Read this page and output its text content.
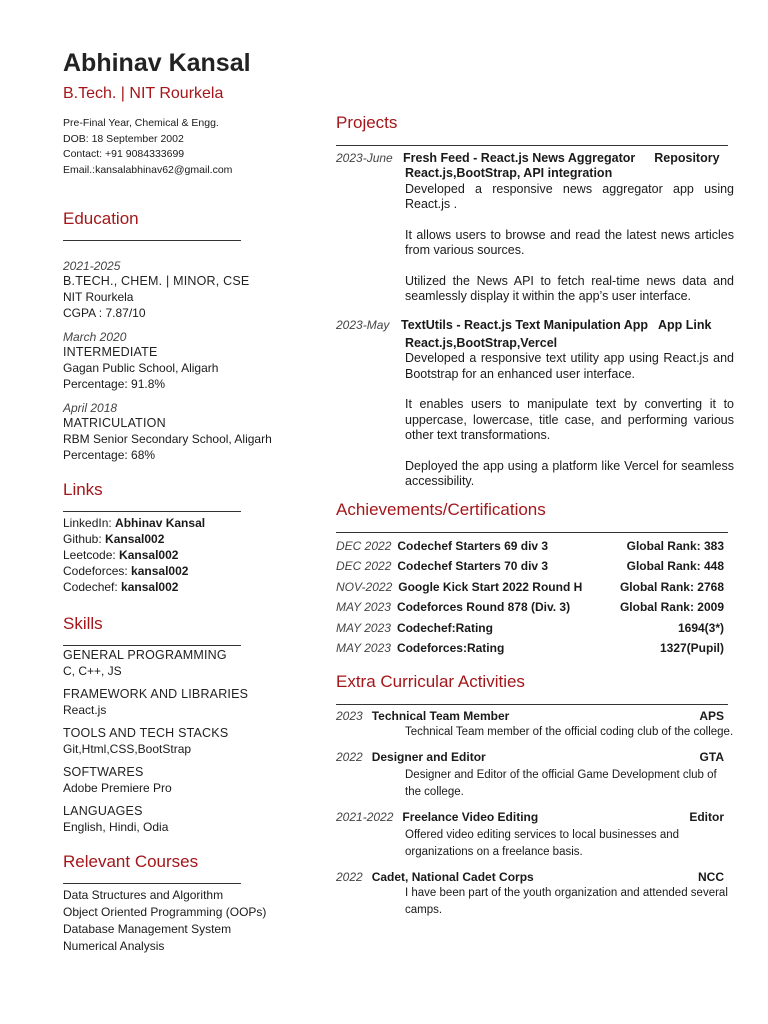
Abhinav Kansal
B.Tech. | NIT Rourkela
Pre-Final Year, Chemical & Engg.
DOB: 18 September 2002
Contact: +91 9084333699
Email.:kansalabhinav62@gmail.com
Education
2021-2025
B.TECH., CHEM. | MINOR, CSE
NIT Rourkela
CGPA : 7.87/10
March 2020
INTERMEDIATE
Gagan Public School, Aligarh
Percentage: 91.8%
April 2018
MATRICULATION
RBM Senior Secondary School, Aligarh
Percentage: 68%
Links
LinkedIn: Abhinav Kansal
Github: Kansal002
Leetcode: Kansal002
Codeforces: kansal002
Codechef: kansal002
Skills
GENERAL PROGRAMMING
C, C++, JS
FRAMEWORK AND LIBRARIES
React.js
TOOLS AND TECH STACKS
Git,Html,CSS,BootStrap
SOFTWARES
Adobe Premiere Pro
LANGUAGES
English, Hindi, Odia
Relevant Courses
Data Structures and Algorithm
Object Oriented Programming (OOPs)
Database Management System
Numerical Analysis
Projects
2023-June Fresh Feed - React.js News Aggregator Repository

React.js,BootStrap, API integration

Developed a responsive news aggregator app using React.js .

It allows users to browse and read the latest news articles from various sources.

Utilized the News API to fetch real-time news data and seamlessly display it within the app’s user interface.

2023-May TextUtils - React.js Text Manipulation App App Link

React.js,BootStrap,Vercel

Developed a responsive text utility app using React.js and Bootstrap for an enhanced user interface.

It enables users to manipulate text by converting it to uppercase, lowercase, title case, and performing various other text transformations.

Deployed the app using a platform like Vercel for seamless accessibility.

Achievements/Certifications
DEC 2022 Codechef Starters 69 div 3	Global Rank: 383
DEC 2022 Codechef Starters 70 div 3	Global Rank: 448
NOV-2022 Google Kick Start 2022 Round H	Global Rank: 2768
MAY 2023 Codeforces Round 878 (Div. 3)	Global Rank: 2009
MAY 2023 Codechef:Rating	1694(3*)
MAY 2023 Codeforces:Rating	1327(Pupil)
Extra Curricular Activities
2023 Technical Team Member	APS
Technical Team member of the official coding club of the college.
2022 Designer and Editor	GTA
Designer and Editor of the official Game Development club of the college.
2021-2022 Freelance Video Editing	Editor
Offered video editing services to local businesses and organizations on a freelance basis.
2022 Cadet, National Cadet Corps	NCC
I have been part of the youth organization and attended several camps.
